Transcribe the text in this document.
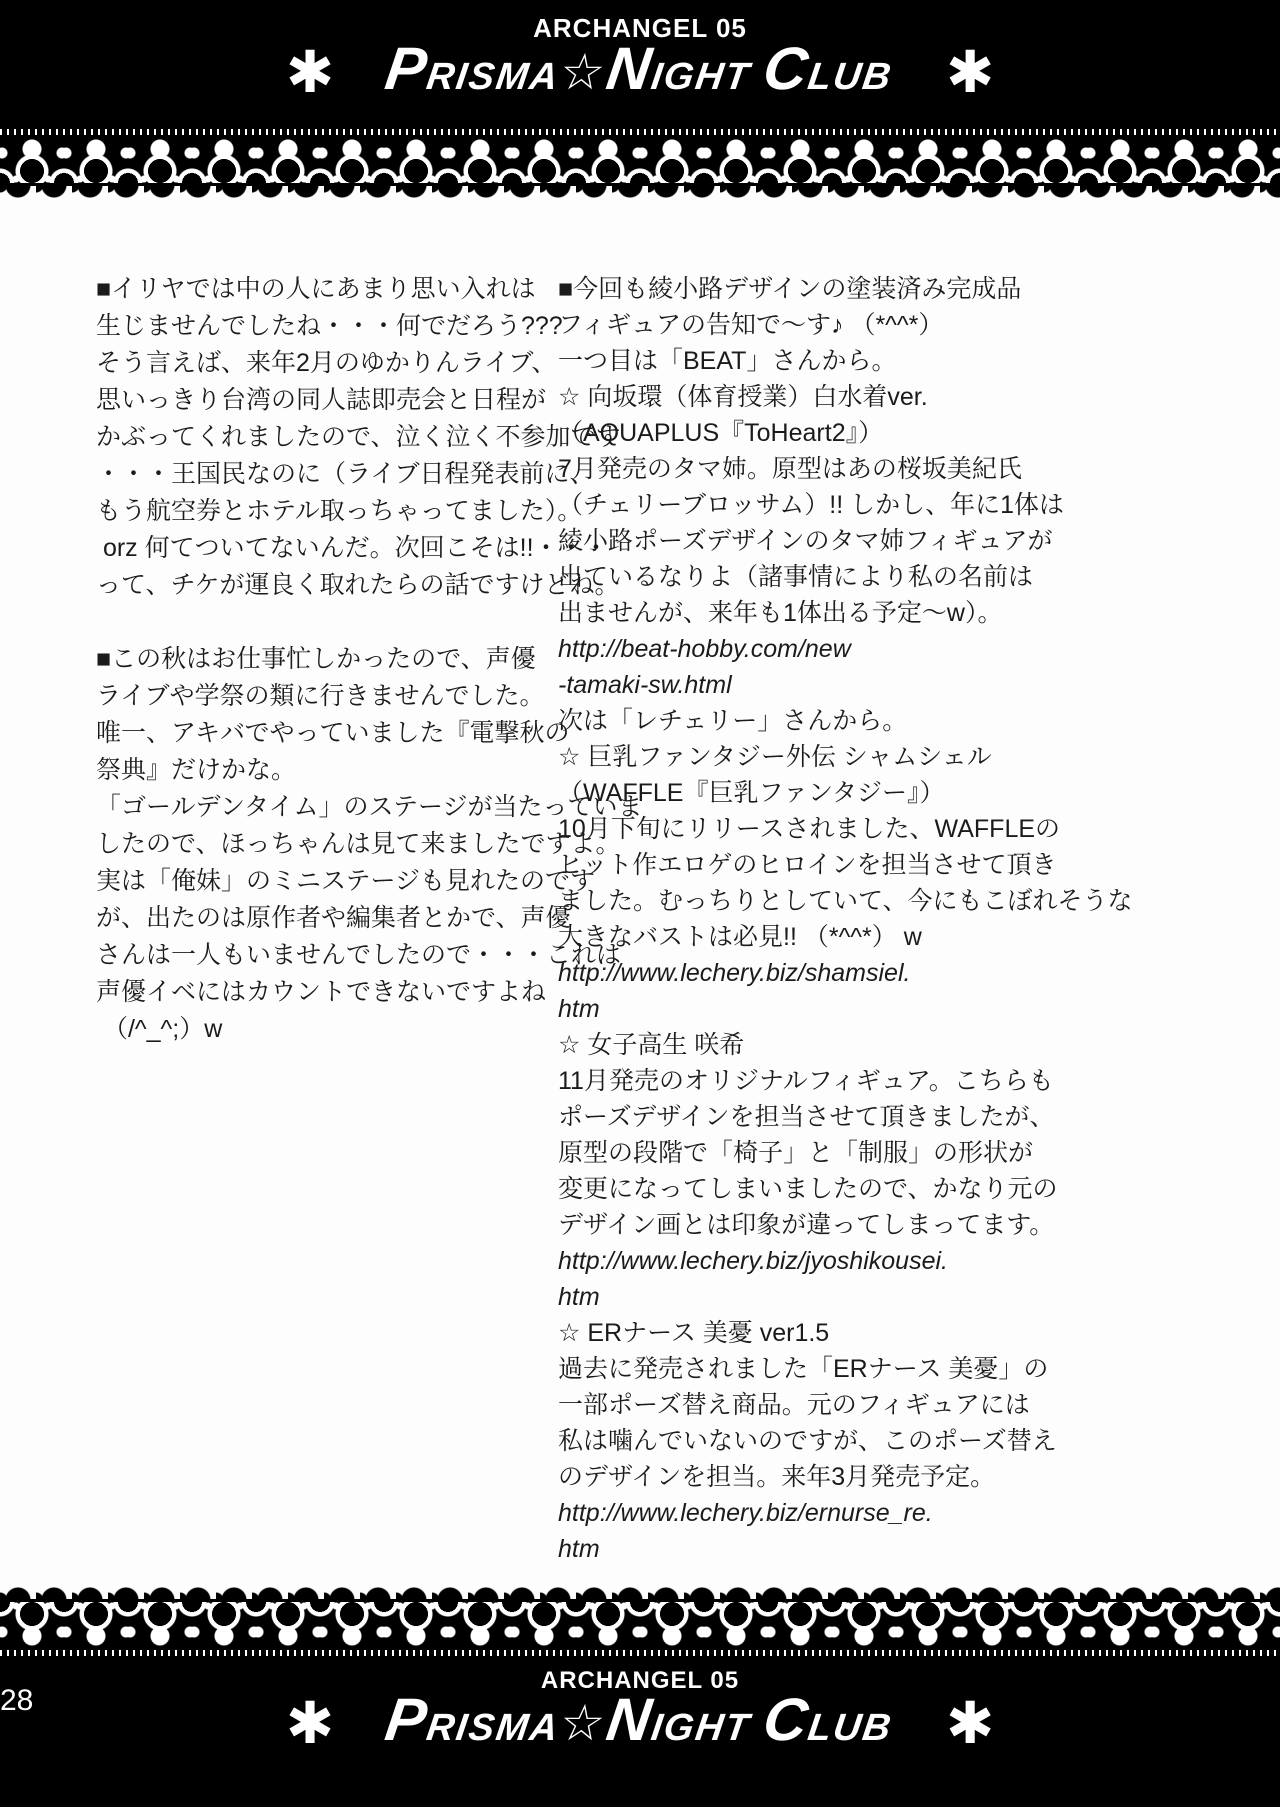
ARCHANGEL 05
✱ PRISMA☆NIGHT CLUB ✱
■イリヤでは中の人にあまり思い入れは
生じませんでしたね・・・何でだろう???
そう言えば、来年2月のゆかりんライブ、
思いっきり台湾の同人誌即売会と日程が
かぶってくれましたので、泣く泣く不参加です
・・・王国民なのに（ライブ日程発表前に、
もう航空券とホテル取っちゃってました）。
orz 何てついてないんだ。次回こそは!!・・・
って、チケが運良く取れたらの話ですけどね。

■この秋はお仕事忙しかったので、声優
ライブや学祭の類に行きませんでした。
唯一、アキバでやっていました『電撃秋の
祭典』だけかな。
「ゴールデンタイム」のステージが当たっていま
したので、ほっちゃんは見て来ましたですよ。
実は「俺妹」のミニステージも見れたのです
が、出たのは原作者や編集者とかで、声優
さんは一人もいませんでしたので・・・これは
声優イベにはカウントできないですよね
（/^_^;）w
■今回も綾小路デザインの塗装済み完成品
フィギュアの告知で〜す♪ （*^^*）
一つ目は「BEAT」さんから。
☆ 向坂環（体育授業）白水着ver.
（AQUAPLUS『ToHeart2』）
7月発売のタマ姉。原型はあの桜坂美紀氏
（チェリーブロッサム）!! しかし、年に1体は
綾小路ポーズデザインのタマ姉フィギュアが
出ているなりよ（諸事情により私の名前は
出ませんが、来年も1体出る予定〜w）。
http://beat-hobby.com/new
-tamaki-sw.html
次は「レチェリー」さんから。
☆ 巨乳ファンタジー外伝 シャムシェル
（WAFFLE『巨乳ファンタジー』）
10月下旬にリリースされました、WAFFLEの
ヒット作エロゲのヒロインを担当させて頂き
ました。むっちりとしていて、今にもこぼれそうな
大きなバストは必見!! （*^^*） w
http://www.lechery.biz/shamsiel.
htm
☆ 女子高生 咲希
11月発売のオリジナルフィギュア。こちらも
ポーズデザインを担当させて頂きましたが、
原型の段階で「椅子」と「制服」の形状が
変更になってしまいましたので、かなり元の
デザイン画とは印象が違ってしまってます。
http://www.lechery.biz/jyoshikousei.
htm
☆ ERナース 美憂 ver1.5
過去に発売されました「ERナース 美憂」の
一部ポーズ替え商品。元のフィギュアには
私は噛んでいないのですが、このポーズ替え
のデザインを担当。来年3月発売予定。
http://www.lechery.biz/ernurse_re.
htm
28
ARCHANGEL 05
✱ PRISMA☆NIGHT CLUB ✱
